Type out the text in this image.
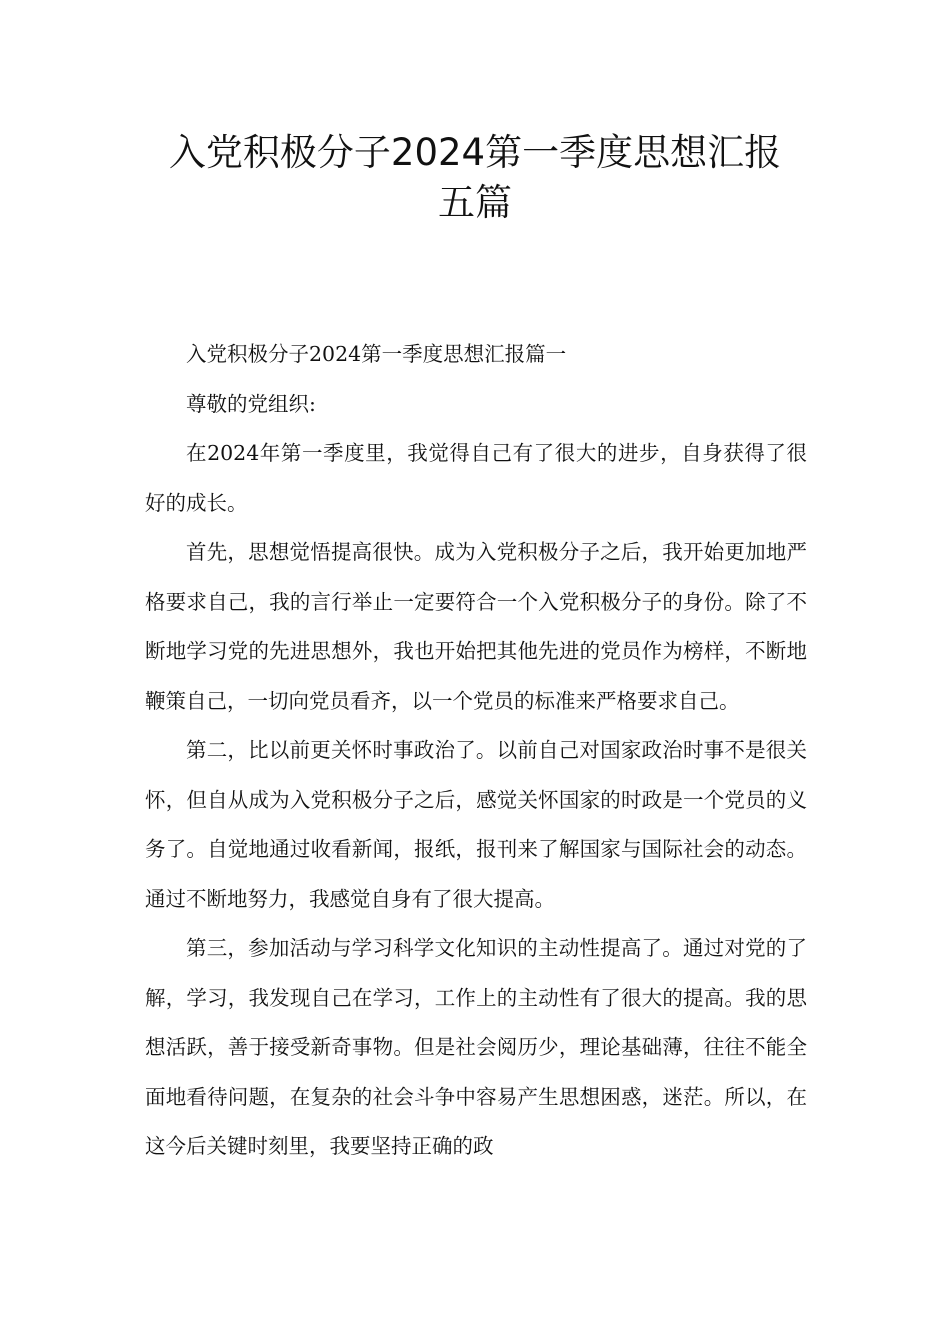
入党积极分子2024第一季度思想汇报
五篇

入党积极分子2024第一季度思想汇报篇一

尊敬的党组织:

在2024年第一季度里，我觉得自己有了很大的进步，自身获得了很好的成长。

首先，思想觉悟提高很快。成为入党积极分子之后，我开始更加地严格要求自己，我的言行举止一定要符合一个入党积极分子的身份。除了不断地学习党的先进思想外，我也开始把其他先进的党员作为榜样，不断地鞭策自己，一切向党员看齐，以一个党员的标准来严格要求自己。

第二，比以前更关怀时事政治了。以前自己对国家政治时事不是很关怀，但自从成为入党积极分子之后，感觉关怀国家的时政是一个党员的义务了。自觉地通过收看新闻，报纸，报刊来了解国家与国际社会的动态。通过不断地努力，我感觉自身有了很大提高。

第三，参加活动与学习科学文化知识的主动性提高了。通过对党的了解，学习，我发现自己在学习，工作上的主动性有了很大的提高。我的思想活跃，善于接受新奇事物。但是社会阅历少，理论基础薄，往往不能全面地看待问题，在复杂的社会斗争中容易产生思想困惑，迷茫。所以，在这今后关键时刻里，我要坚持正确的政
